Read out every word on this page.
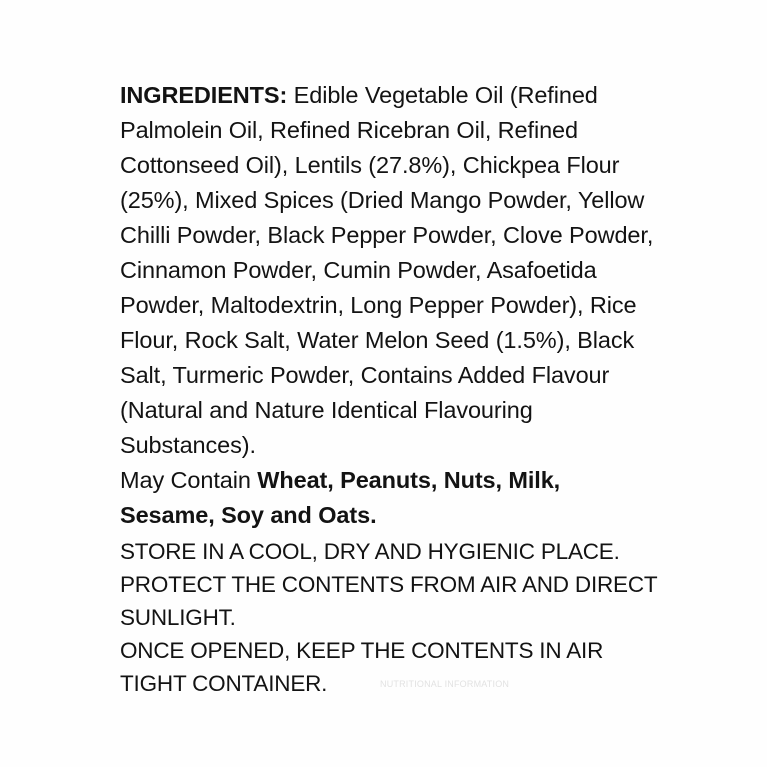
INGREDIENTS: Edible Vegetable Oil (Refined Palmolein Oil, Refined Ricebran Oil, Refined Cottonseed Oil), Lentils (27.8%), Chickpea Flour (25%), Mixed Spices (Dried Mango Powder, Yellow Chilli Powder, Black Pepper Powder, Clove Powder, Cinnamon Powder, Cumin Powder, Asafoetida Powder, Maltodextrin, Long Pepper Powder), Rice Flour, Rock Salt, Water Melon Seed (1.5%), Black Salt, Turmeric Powder, Contains Added Flavour (Natural and Nature Identical Flavouring Substances).

May Contain Wheat, Peanuts, Nuts, Milk, Sesame, Soy and Oats.

STORE IN A COOL, DRY AND HYGIENIC PLACE.
PROTECT THE CONTENTS FROM AIR AND DIRECT SUNLIGHT.
ONCE OPENED, KEEP THE CONTENTS IN AIR TIGHT CONTAINER.	NUTRITIONAL INFORMATION
